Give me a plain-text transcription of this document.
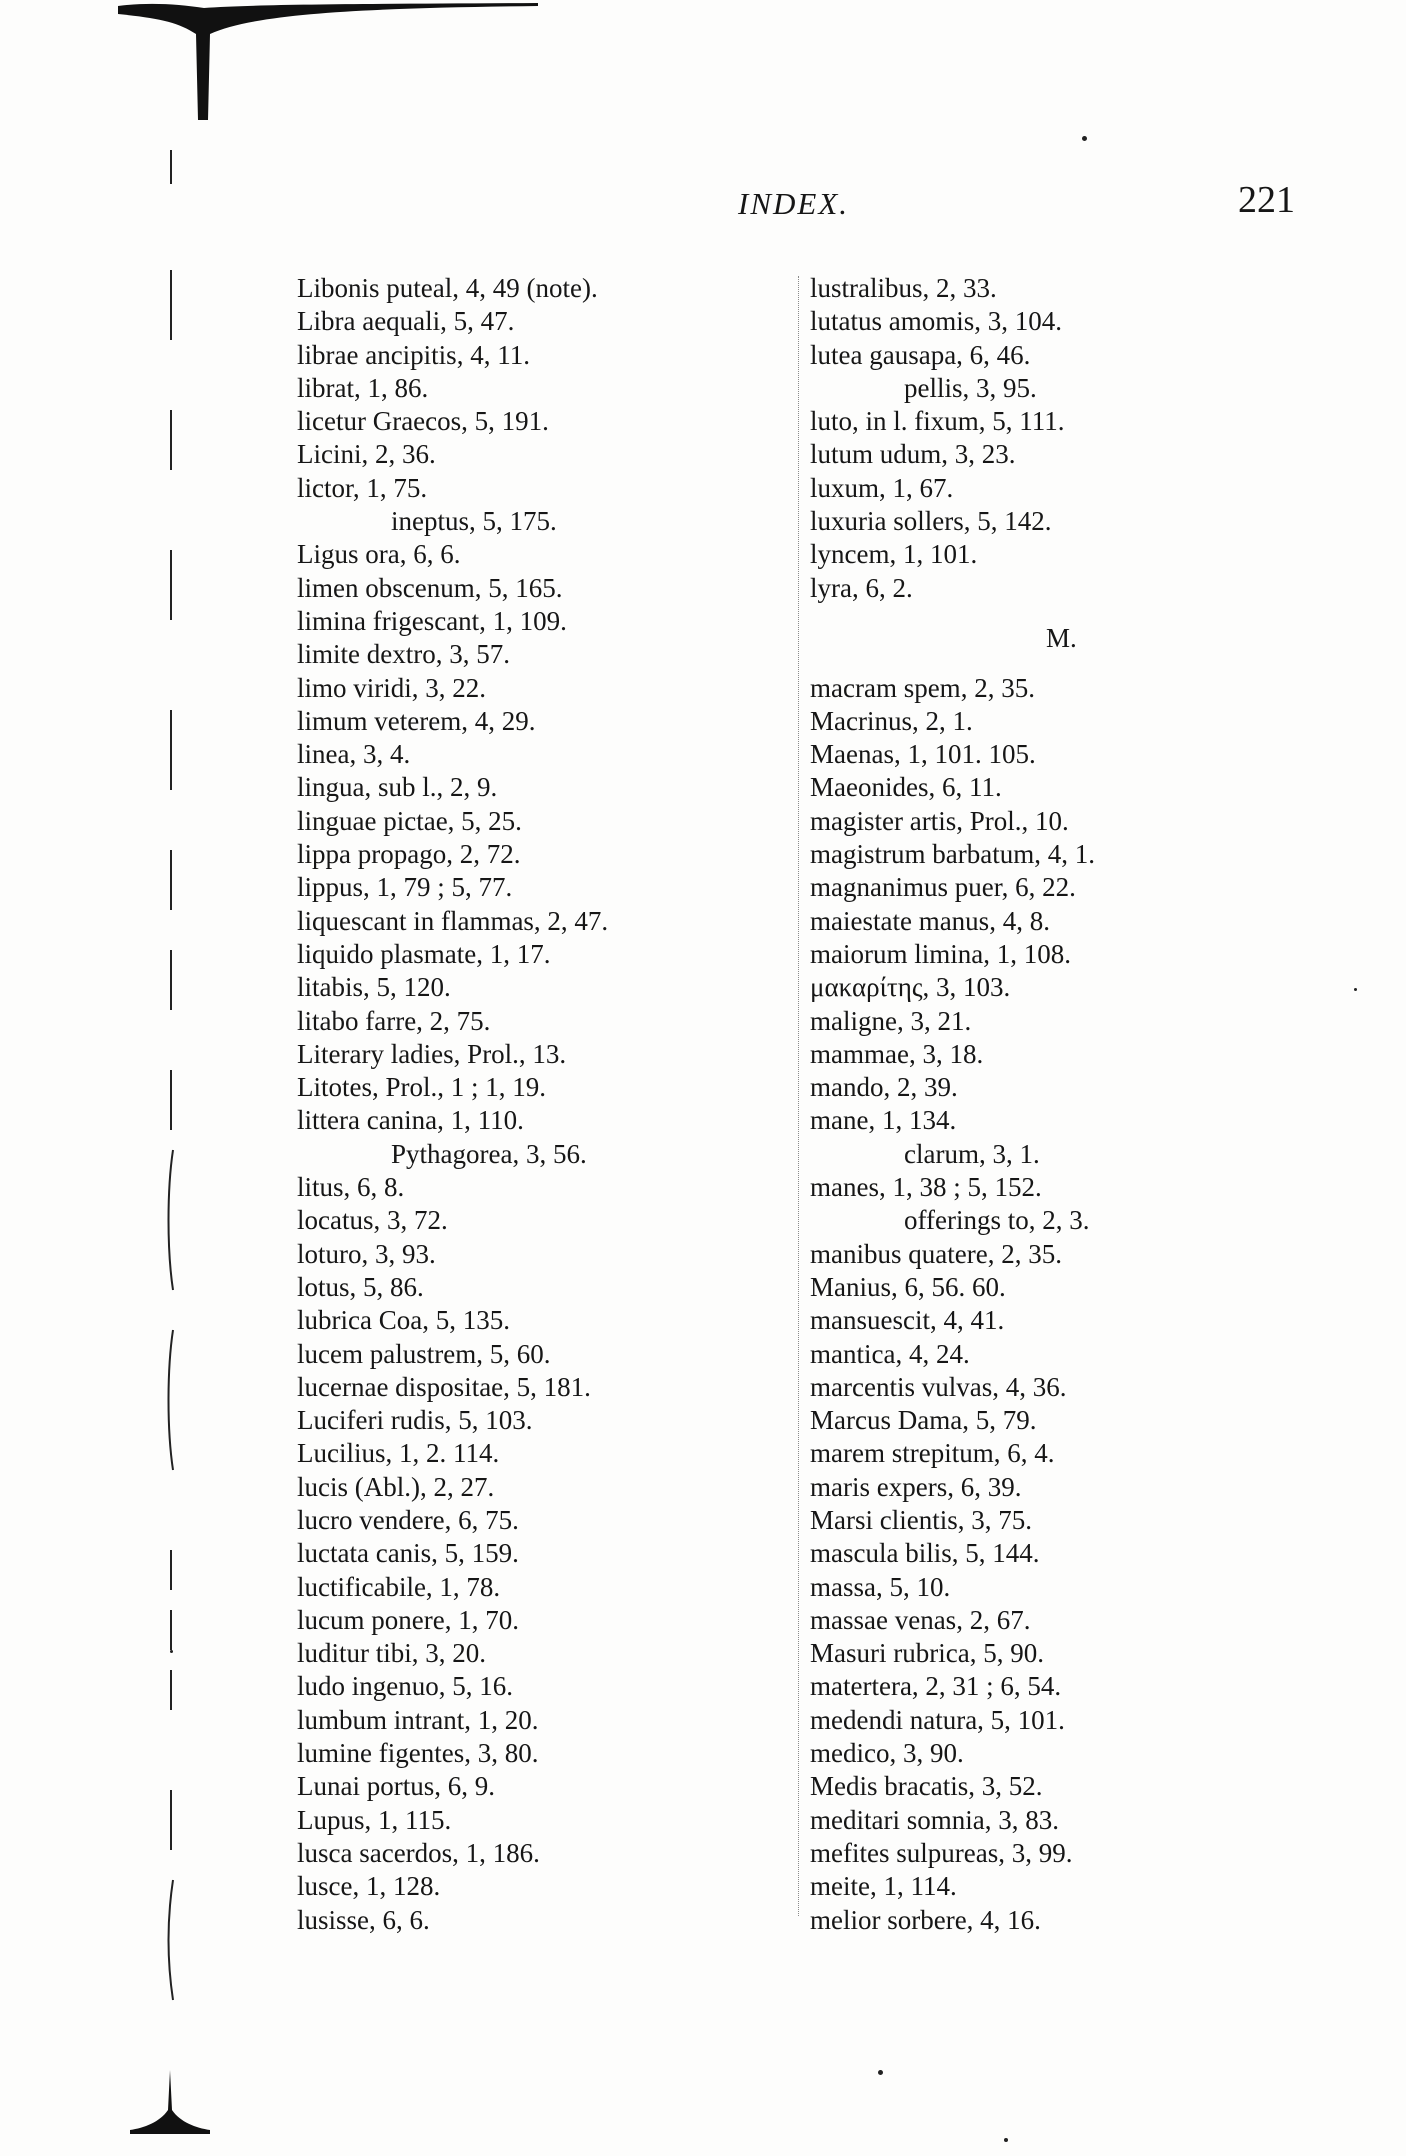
INDEX.	221
Libonis puteal, 4, 49 (note).
Libra aequali, 5, 47.
librae ancipitis, 4, 11.
librat, 1, 86.
licetur Graecos, 5, 191.
Licini, 2, 36.
lictor, 1, 75.
ineptus, 5, 175.
Ligus ora, 6, 6.
limen obscenum, 5, 165.
limina frigescant, 1, 109.
limite dextro, 3, 57.
limo viridi, 3, 22.
limum veterem, 4, 29.
linea, 3, 4.
lingua, sub l., 2, 9.
linguae pictae, 5, 25.
lippa propago, 2, 72.
lippus, 1, 79 ; 5, 77.
liquescant in flammas, 2, 47.
liquido plasmate, 1, 17.
litabis, 5, 120.
litabo farre, 2, 75.
Literary ladies, Prol., 13.
Litotes, Prol., 1 ; 1, 19.
littera canina, 1, 110.
Pythagorea, 3, 56.
litus, 6, 8.
locatus, 3, 72.
loturo, 3, 93.
lotus, 5, 86.
lubrica Coa, 5, 135.
lucem palustrem, 5, 60.
lucernae dispositae, 5, 181.
Luciferi rudis, 5, 103.
Lucilius, 1, 2. 114.
lucis (Abl.), 2, 27.
lucro vendere, 6, 75.
luctata canis, 5, 159.
luctificabile, 1, 78.
lucum ponere, 1, 70.
luditur tibi, 3, 20.
ludo ingenuo, 5, 16.
lumbum intrant, 1, 20.
lumine figentes, 3, 80.
Lunai portus, 6, 9.
Lupus, 1, 115.
lusca sacerdos, 1, 186.
lusce, 1, 128.
lusisse, 6, 6.
lustralibus, 2, 33.
lutatus amomis, 3, 104.
lutea gausapa, 6, 46.
pellis, 3, 95.
luto, in l. fixum, 5, 111.
lutum udum, 3, 23.
luxum, 1, 67.
luxuria sollers, 5, 142.
lyncem, 1, 101.
lyra, 6, 2.
M.
macram spem, 2, 35.
Macrinus, 2, 1.
Maenas, 1, 101. 105.
Maeonides, 6, 11.
magister artis, Prol., 10.
magistrum barbatum, 4, 1.
magnanimus puer, 6, 22.
maiestate manus, 4, 8.
maiorum limina, 1, 108.
μακαρίτης, 3, 103.
maligne, 3, 21.
mammae, 3, 18.
mando, 2, 39.
mane, 1, 134.
clarum, 3, 1.
manes, 1, 38 ; 5, 152.
offerings to, 2, 3.
manibus quatere, 2, 35.
Manius, 6, 56. 60.
mansuescit, 4, 41.
mantica, 4, 24.
marcentis vulvas, 4, 36.
Marcus Dama, 5, 79.
marem strepitum, 6, 4.
maris expers, 6, 39.
Marsi clientis, 3, 75.
mascula bilis, 5, 144.
massa, 5, 10.
massae venas, 2, 67.
Masuri rubrica, 5, 90.
matertera, 2, 31 ; 6, 54.
medendi natura, 5, 101.
medico, 3, 90.
Medis bracatis, 3, 52.
meditari somnia, 3, 83.
mefites sulpureas, 3, 99.
meite, 1, 114.
melior sorbere, 4, 16.
